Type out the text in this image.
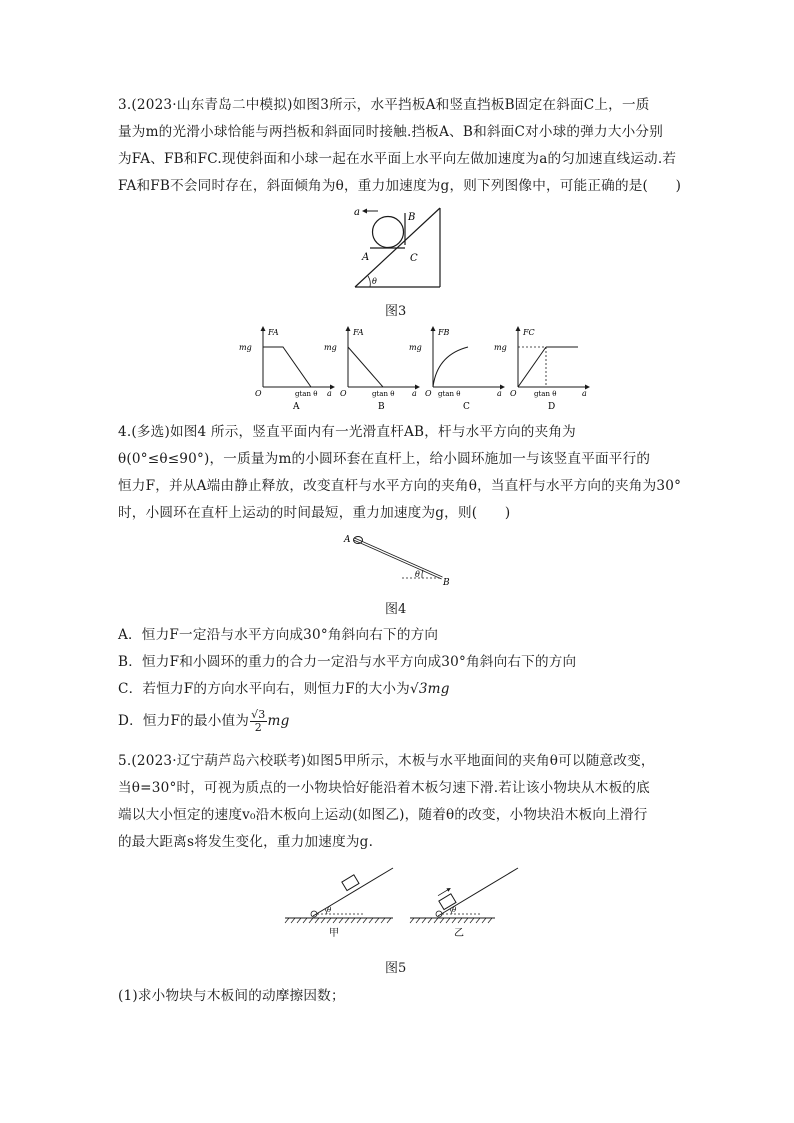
3.(2023·山东青岛二中模拟)如图3所示，水平挡板A和竖直挡板B固定在斜面C上，一质
量为m的光滑小球恰能与两挡板和斜面同时接触.挡板A、B和斜面C对小球的弹力大小分别
为FA、FB和FC.现使斜面和小球一起在水平面上水平向左做加速度为a的匀加速直线运动.若
FA和FB不会同时存在，斜面倾角为θ，重力加速度为g，则下列图像中，可能正确的是(　　)
a	B
A	C
θ
图3
FA
mg
O	gtan θ a
A
FA
mg
O	gtan θ a
B
FB
mg
O gtan θ	a
C
FC
mg
O gtan θ	a
D
4.(多选)如图4 所示，竖直平面内有一光滑直杆AB，杆与水平方向的夹角为
θ(0°≤θ≤90°)，一质量为m的小圆环套在直杆上，给小圆环施加一与该竖直平面平行的
恒力F，并从A端由静止释放，改变直杆与水平方向的夹角θ，当直杆与水平方向的夹角为30°
时，小圆环在直杆上运动的时间最短，重力加速度为g，则(　　)
A
B
θ
图4
A．恒力F一定沿与水平方向成30°角斜向右下的方向
B．恒力F和小圆环的重力的合力一定沿与水平方向成30°角斜向右下的方向
C．若恒力F的方向水平向右，则恒力F的大小为√3mg
D．恒力F的最小值为 $\frac{√3}{2}$ mg
5.(2023·辽宁葫芦岛六校联考)如图5甲所示，木板与水平地面间的夹角θ可以随意改变，
当θ=30°时，可视为质点的一小物块恰好能沿着木板匀速下滑.若让该小物块从木板的底
端以大小恒定的速度v₀沿木板向上运动(如图乙)，随着θ的改变，小物块沿木板向上滑行
的最大距离s将发生变化，重力加速度为g.
θ
甲
θ
乙
图5
(1)求小物块与木板间的动摩擦因数；
